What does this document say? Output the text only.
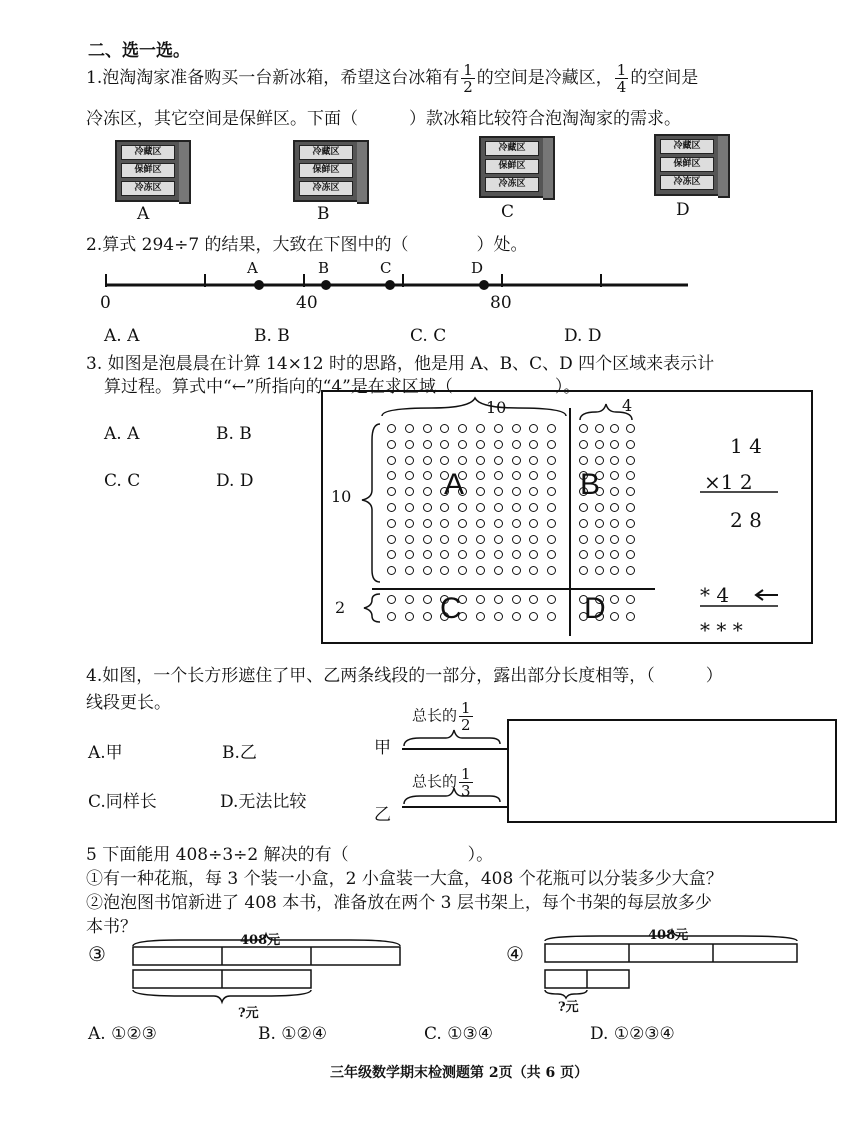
二、选一选。
1.泡淘淘家准备购买一台新冰箱，希望这台冰箱有 $\frac{1}{2}$ 的空间是冷藏区， $\frac{1}{4}$ 的空间是
冷冻区，其它空间是保鲜区。下面（　　　）款冰箱比较符合泡淘淘家的需求。
冷藏区
保鲜区
冷冻区
A
冷藏区
保鲜区
冷冻区
B
冷藏区
保鲜区
冷冻区
C
冷藏区
保鲜区
冷冻区
D
2.算式 294÷7 的结果，大致在下图中的（　　　　）处。
A	B	C	D
0	40	80
A. A	B. B	C. C	D. D
3. 如图是泡晨晨在计算 14×12 时的思路，他是用 A、B、C、D 四个区域来表示计
算过程。算式中“←”所指向的“4”是在求区域（　　　　　　）。
A. A	B. B
C. C	D. D
10	4
10
2
A	B
C	D
1 4
×1 2
2 8
* 4
* * *
4.如图，一个长方形遮住了甲、乙两条线段的一部分，露出部分长度相等，（　　　）
线段更长。
A.甲	B.乙
C.同样长	D.无法比较
总长的 $\frac{1}{2}$
总长的 $\frac{1}{3}$
甲
乙
5 下面能用 408÷3÷2 解决的有（　　　　　　　）。
①有一种花瓶，每 3 个装一小盒，2 小盒装一大盒，408 个花瓶可以分装多少大盒？
②泡泡图书馆新进了 408 本书，准备放在两个 3 层书架上，每个书架的每层放多少
本书？
③
408元
?元
④
408元
?元
A. ①②③	B. ①②④	C. ①③④	D. ①②③④
三年级数学期末检测题第 2页（共 6 页）
